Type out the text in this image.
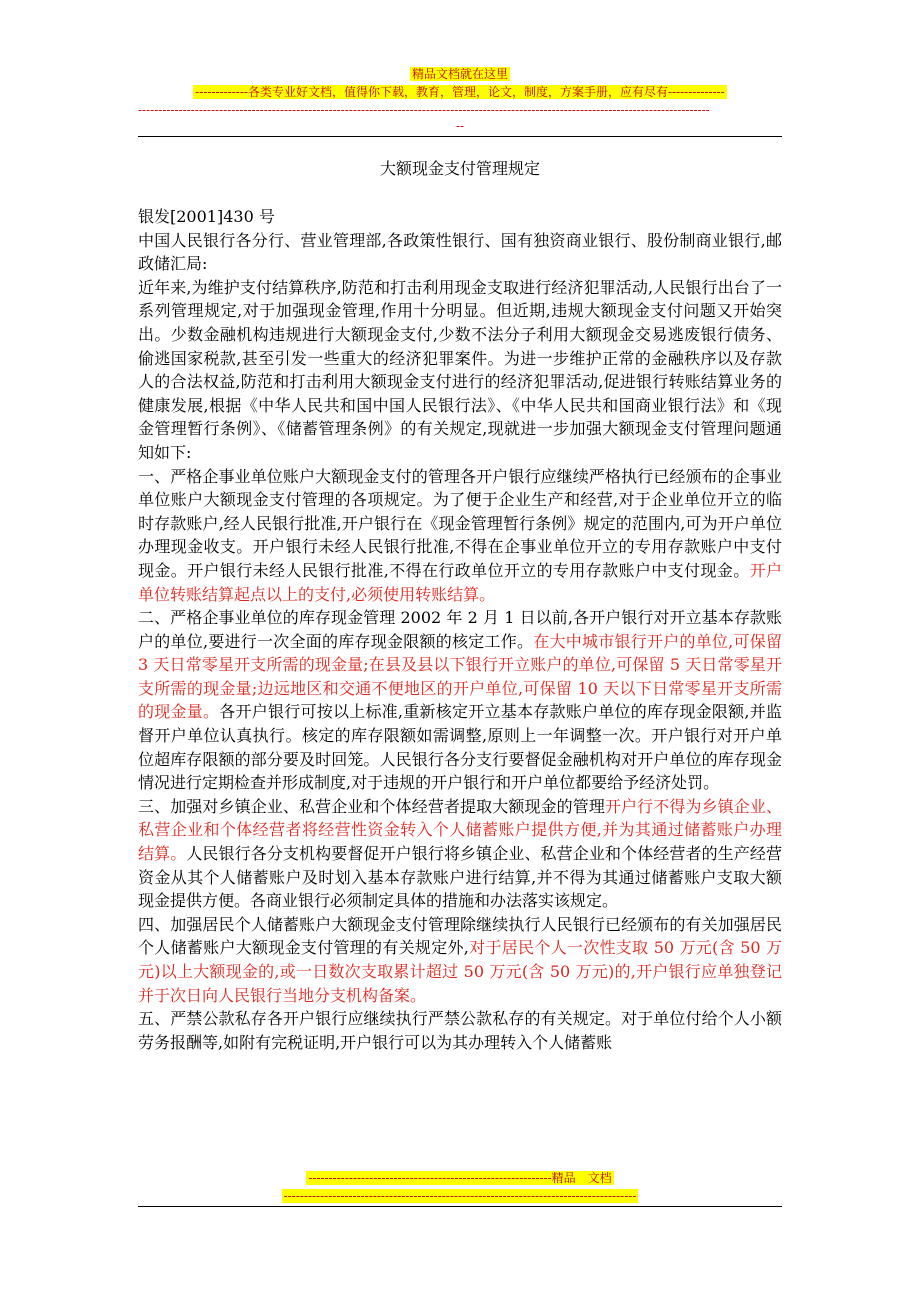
精品文档就在这里
-------------各类专业好文档，值得你下载，教育，管理，论文，制度，方案手册，应有尽有--------------
---------------------------------------------------------------------------------------------------------------------------------------------
--
大额现金支付管理规定

银发[2001]430 号

中国人民银行各分行、营业管理部,各政策性银行、国有独资商业银行、股份制商业银行,邮政储汇局:

近年来,为维护支付结算秩序,防范和打击利用现金支取进行经济犯罪活动,人民银行出台了一系列管理规定,对于加强现金管理,作用十分明显。但近期,违规大额现金支付问题又开始突出。少数金融机构违规进行大额现金支付,少数不法分子利用大额现金交易逃废银行债务、偷逃国家税款,甚至引发一些重大的经济犯罪案件。为进一步维护正常的金融秩序以及存款人的合法权益,防范和打击利用大额现金支付进行的经济犯罪活动,促进银行转账结算业务的健康发展,根据《中华人民共和国中国人民银行法》、《中华人民共和国商业银行法》和《现金管理暂行条例》、《储蓄管理条例》的有关规定,现就进一步加强大额现金支付管理问题通知如下:

一、严格企事业单位账户大额现金支付的管理各开户银行应继续严格执行已经颁布的企事业单位账户大额现金支付管理的各项规定。为了便于企业生产和经营,对于企业单位开立的临时存款账户,经人民银行批准,开户银行在《现金管理暂行条例》规定的范围内,可为开户单位办理现金收支。开户银行未经人民银行批准,不得在企事业单位开立的专用存款账户中支付现金。开户银行未经人民银行批准,不得在行政单位开立的专用存款账户中支付现金。开户单位转账结算起点以上的支付,必须使用转账结算。

二、严格企事业单位的库存现金管理 2002 年 2 月 1 日以前,各开户银行对开立基本存款账户的单位,要进行一次全面的库存现金限额的核定工作。在大中城市银行开户的单位,可保留 3 天日常零星开支所需的现金量;在县及县以下银行开立账户的单位,可保留 5 天日常零星开支所需的现金量;边远地区和交通不便地区的开户单位,可保留 10 天以下日常零星开支所需的现金量。各开户银行可按以上标准,重新核定开立基本存款账户单位的库存现金限额,并监督开户单位认真执行。核定的库存限额如需调整,原则上一年调整一次。开户银行对开户单位超库存限额的部分要及时回笼。人民银行各分支行要督促金融机构对开户单位的库存现金情况进行定期检查并形成制度,对于违规的开户银行和开户单位都要给予经济处罚。

三、加强对乡镇企业、私营企业和个体经营者提取大额现金的管理开户行不得为乡镇企业、私营企业和个体经营者将经营性资金转入个人储蓄账户提供方便,并为其通过储蓄账户办理结算。人民银行各分支机构要督促开户银行将乡镇企业、私营企业和个体经营者的生产经营资金从其个人储蓄账户及时划入基本存款账户进行结算,并不得为其通过储蓄账户支取大额现金提供方便。各商业银行必须制定具体的措施和办法落实该规定。

四、加强居民个人储蓄账户大额现金支付管理除继续执行人民银行已经颁布的有关加强居民个人储蓄账户大额现金支付管理的有关规定外,对于居民个人一次性支取 50 万元(含 50 万元)以上大额现金的,或一日数次支取累计超过 50 万元(含 50 万元)的,开户银行应单独登记并于次日向人民银行当地分支机构备案。

五、严禁公款私存各开户银行应继续执行严禁公款私存的有关规定。对于单位付给个人小额劳务报酬等,如附有完税证明,开户银行可以为其办理转入个人储蓄账

------------------------------------------------------------精品　文档
---------------------------------------------------------------------------------------
